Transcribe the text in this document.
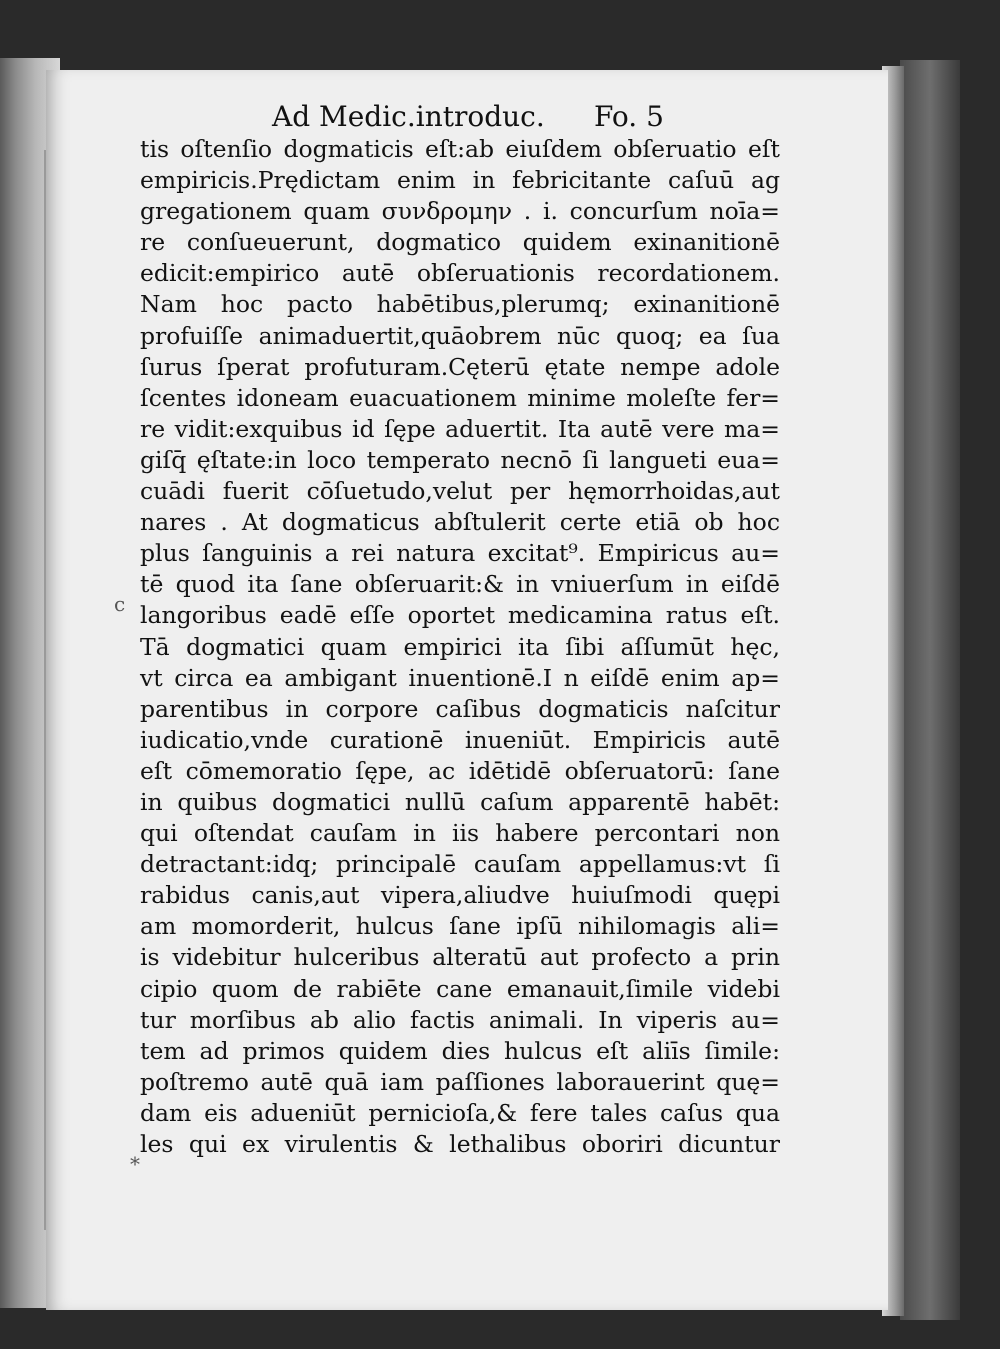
Ad Medic.introduc. Fo. 5
tis oſtenſio dogmaticis eſt:ab eiuſdem obſeruatio eſt
empiricis.Prędictam enim in febricitante caſuū ag
gregationem quam συνδρομην . i. concurſum noīa=
re conſueuerunt, dogmatico quidem exinanitionē
edicit:empirico autē obſeruationis recordationem.
Nam hoc pacto habētibus,plerumq; exinanitionē
profuiſſe animaduertit,quāobrem nūc quoq; ea ſua
ſurus ſperat profuturam.Cęterū ętate nempe adole
ſcentes idoneam euacuationem minime moleſte fer=
re vidit:exquibus id ſępe aduertit. Ita autē vere ma=
giſq̄ ęſtate:in loco temperato necnō ſi langueti eua=
cuādi fuerit cōſuetudo,velut per hęmorrhoidas,aut
nares . At dogmaticus abſtulerit certe etiā ob hoc
plus ſanguinis a rei natura excitat⁹. Empiricus au=
tē quod ita ſane obſeruarit:& in vniuerſum in eiſdē
langoribus eadē eſſe oportet medicamina ratus eſt.
Tā dogmatici quam empirici ita ſibi aſſumūt hęc,
vt circa ea ambigant inuentionē.I n eiſdē enim ap=
parentibus in corpore caſibus dogmaticis naſcitur
iudicatio,vnde curationē inueniūt. Empiricis autē
eſt cōmemoratio ſępe, ac idētidē obſeruatorū: ſane
in quibus dogmatici nullū caſum apparentē habēt:
qui oſtendat cauſam in iis habere percontari non
detractant:idq; principalē cauſam appellamus:vt ſi
rabidus canis,aut vipera,aliudve huiuſmodi quępi
am momorderit, hulcus ſane ipſū nihilomagis ali=
is videbitur hulceribus alteratū aut profecto a prin
cipio quom de rabiēte cane emanauit,ſimile videbi
tur morſibus ab alio factis animali. In viperis au=
tem ad primos quidem dies hulcus eſt aliīs ſimile:
poſtremo autē quā iam paſſiones laborauerint quę=
dam eis adueniūt pernicioſa,& fere tales caſus qua
les qui ex virulentis & lethalibus oboriri dicuntur
c
*
